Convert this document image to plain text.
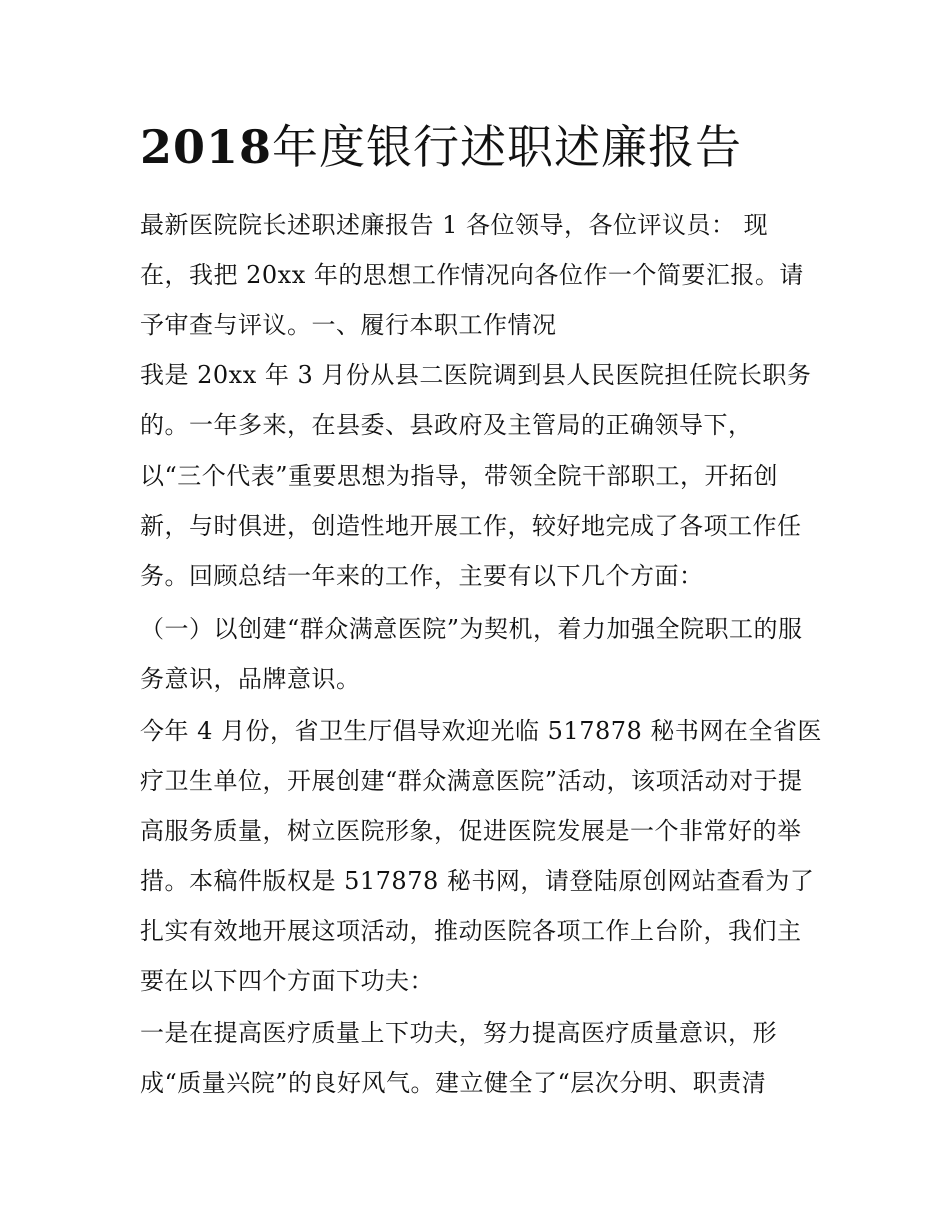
2018年度银行述职述廉报告
最新医院院长述职述廉报告 1 各位领导，各位评议员： 现
在，我把 20xx 年的思想工作情况向各位作一个简要汇报。请
予审查与评议。一、履行本职工作情况
我是 20xx 年 3 月份从县二医院调到县人民医院担任院长职务
的。一年多来，在县委、县政府及主管局的正确领导下，
以“三个代表”重要思想为指导，带领全院干部职工，开拓创
新，与时俱进，创造性地开展工作，较好地完成了各项工作任
务。回顾总结一年来的工作，主要有以下几个方面：
（一）以创建“群众满意医院”为契机，着力加强全院职工的服
务意识，品牌意识。
今年 4 月份，省卫生厅倡导欢迎光临 517878 秘书网在全省医
疗卫生单位，开展创建“群众满意医院”活动，该项活动对于提
高服务质量，树立医院形象，促进医院发展是一个非常好的举
措。本稿件版权是 517878 秘书网，请登陆原创网站查看为了
扎实有效地开展这项活动，推动医院各项工作上台阶，我们主
要在以下四个方面下功夫：
一是在提高医疗质量上下功夫，努力提高医疗质量意识，形
成“质量兴院”的良好风气。建立健全了“层次分明、职责清
